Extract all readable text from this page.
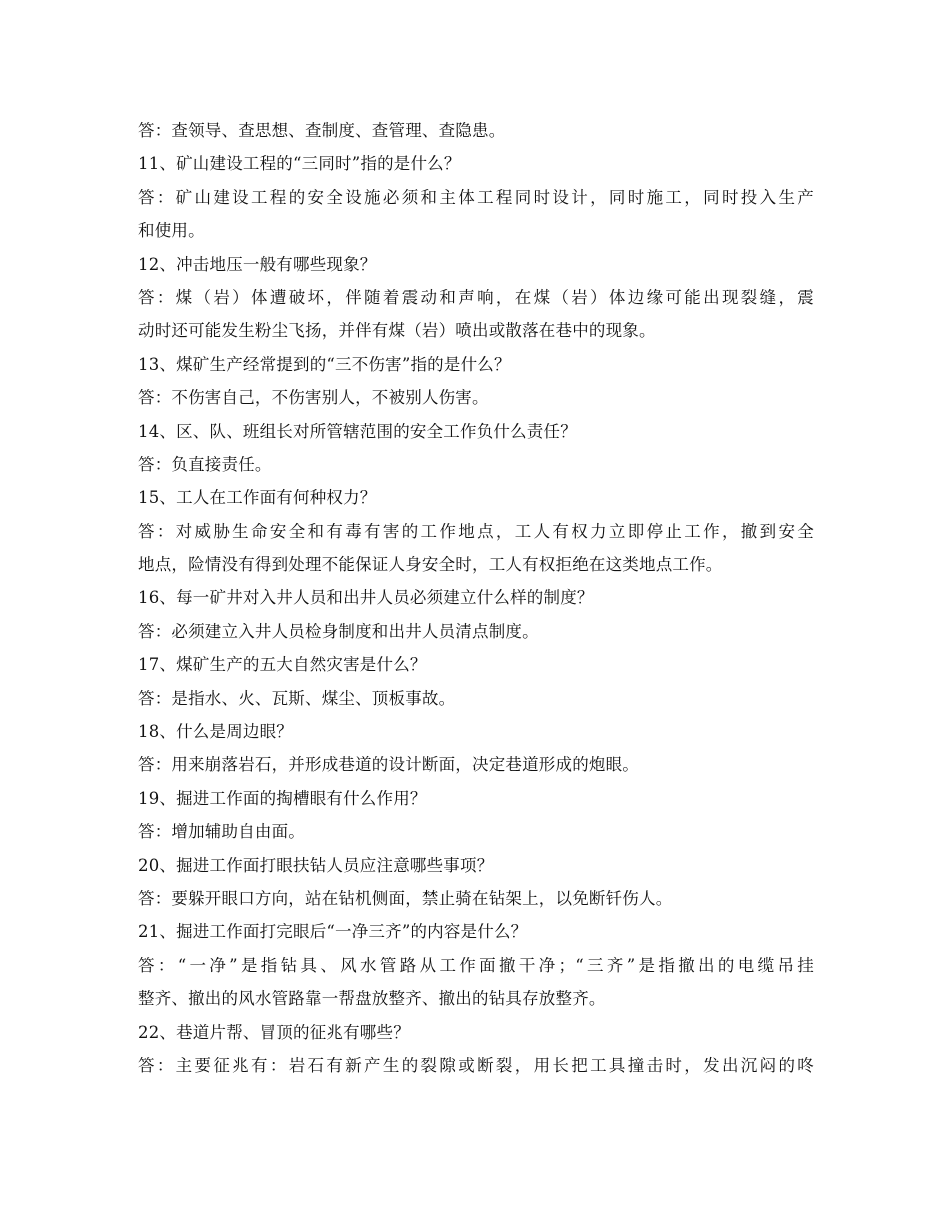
答：查领导、查思想、查制度、查管理、查隐患。
11、矿山建设工程的“三同时”指的是什么？
答：矿山建设工程的安全设施必须和主体工程同时设计，同时施工，同时投入生产
和使用。
12、冲击地压一般有哪些现象？
答：煤（岩）体遭破坏，伴随着震动和声响，在煤（岩）体边缘可能出现裂缝，震
动时还可能发生粉尘飞扬，并伴有煤（岩）喷出或散落在巷中的现象。
13、煤矿生产经常提到的“三不伤害”指的是什么？
答：不伤害自己，不伤害别人，不被别人伤害。
14、区、队、班组长对所管辖范围的安全工作负什么责任？
答：负直接责任。
15、工人在工作面有何种权力？
答：对威胁生命安全和有毒有害的工作地点，工人有权力立即停止工作，撤到安全
地点，险情没有得到处理不能保证人身安全时，工人有权拒绝在这类地点工作。
16、每一矿井对入井人员和出井人员必须建立什么样的制度？
答：必须建立入井人员检身制度和出井人员清点制度。
17、煤矿生产的五大自然灾害是什么？
答：是指水、火、瓦斯、煤尘、顶板事故。
18、什么是周边眼？
答：用来崩落岩石，并形成巷道的设计断面，决定巷道形成的炮眼。
19、掘进工作面的掏槽眼有什么作用？
答：增加辅助自由面。
20、掘进工作面打眼扶钻人员应注意哪些事项？
答：要躲开眼口方向，站在钻机侧面，禁止骑在钻架上，以免断钎伤人。
21、掘进工作面打完眼后“一净三齐”的内容是什么？
答：“一净”是指钻具、风水管路从工作面撤干净；“三齐”是指撤出的电缆吊挂
整齐、撤出的风水管路靠一帮盘放整齐、撤出的钻具存放整齐。
22、巷道片帮、冒顶的征兆有哪些？
答：主要征兆有：岩石有新产生的裂隙或断裂，用长把工具撞击时，发出沉闷的咚
